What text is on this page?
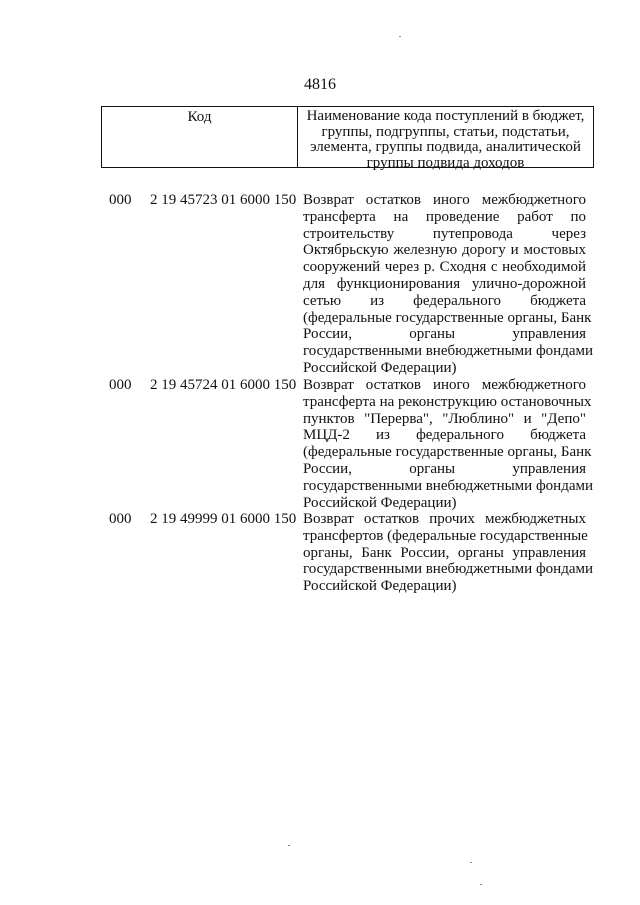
4816
Код	Наименование кода поступлений в бюджет, группы, подгруппы, статьи, подстатьи, элемента, группы подвида, аналитической группы подвида доходов
000	2 19 45723 01 6000 150 Возврат остатков иного межбюджетного
трансферта на проведение работ по
строительству путепровода через
Октябрьскую железную дорогу и мостовых
сооружений через р. Сходня с необходимой
для функционирования улично-дорожной
сетью из федерального бюджета
(федеральные государственные органы, Банк
России, органы управления
государственными внебюджетными фондами
Российской Федерации)
000	2 19 45724 01 6000 150 Возврат остатков иного межбюджетного
трансферта на реконструкцию остановочных
пунктов "Перерва", "Люблино" и "Депо"
МЦД-2 из федерального бюджета
(федеральные государственные органы, Банк
России, органы управления
государственными внебюджетными фондами
Российской Федерации)
000	2 19 49999 01 6000 150 Возврат остатков прочих межбюджетных
трансфертов (федеральные государственные
органы, Банк России, органы управления
государственными внебюджетными фондами
Российской Федерации)
